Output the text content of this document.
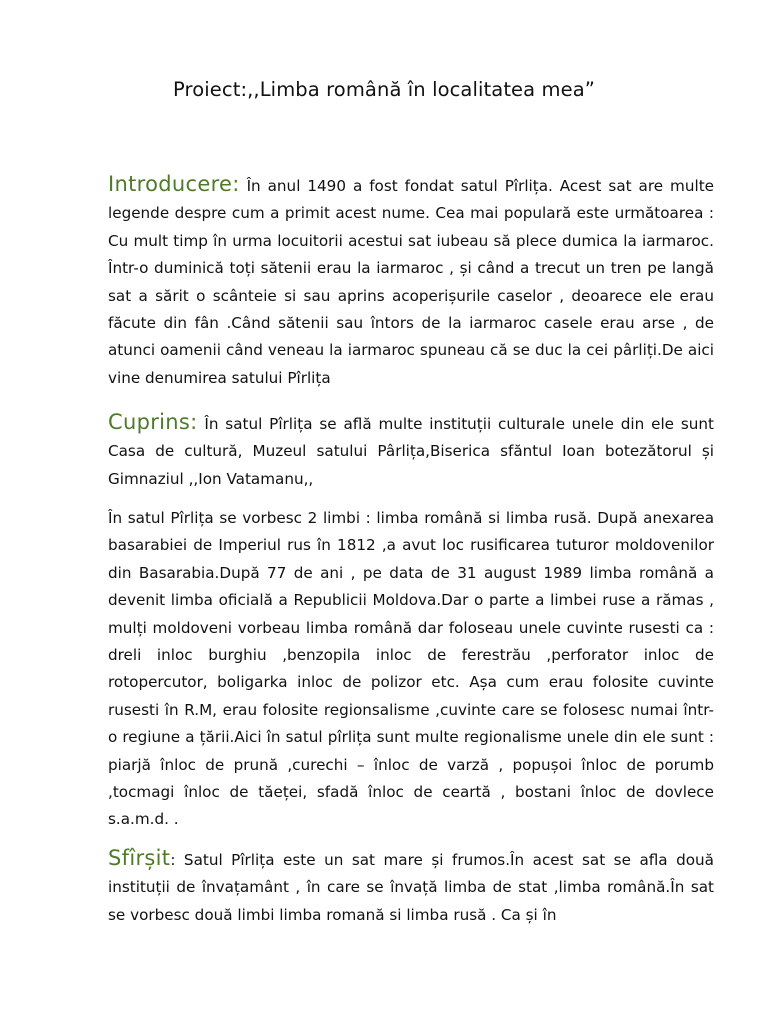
Proiect:,,Limba română în localitatea mea”

Introducere: În anul 1490 a fost fondat satul Pîrlița. Acest sat are multe legende despre cum a primit acest nume. Cea mai populară este următoarea : Cu mult timp în urma locuitorii acestui sat iubeau să plece dumica la iarmaroc. Într-o duminică toți sătenii erau la iarmaroc , și când a trecut un tren pe langă sat a sărit o scânteie si sau aprins acoperișurile caselor , deoarece ele erau făcute din fân .Când sătenii sau întors de la iarmaroc casele erau arse , de atunci oamenii când veneau la iarmaroc spuneau că se duc la cei pârliți.De aici vine denumirea satului Pîrlița

Cuprins: În satul Pîrlița se află multe instituții culturale unele din ele sunt Casa de cultură, Muzeul satului Pârlița,Biserica sfăntul Ioan botezătorul și Gimnaziul ,,Ion Vatamanu,,

În satul Pîrlița se vorbesc 2 limbi : limba română si limba rusă. După anexarea basarabiei de Imperiul rus în 1812 ,a avut loc rusificarea tuturor moldovenilor din Basarabia.După 77 de ani , pe data de 31 august 1989 limba română a devenit limba oficială a Republicii Moldova.Dar o parte a limbei ruse a rămas , mulți moldoveni vorbeau limba română dar foloseau unele cuvinte rusesti ca : dreli inloc burghiu ,benzopila inloc de ferestrău ,perforator inloc de rotopercutor, boligarka inloc de polizor etc. Așa cum erau folosite cuvinte rusesti în R.M, erau folosite regionsalisme ,cuvinte care se folosesc numai într-o regiune a țării.Aici în satul pîrlița sunt multe regionalisme unele din ele sunt : piarjă înloc de prună ,curechi – înloc de varză , popușoi înloc de porumb ,tocmagi înloc de tăeței, sfadă înloc de ceartă , bostani înloc de dovlece s.a.m.d. .

Sfîrșit: Satul Pîrlița este un sat mare și frumos.În acest sat se afla două instituții de învațamânt , în care se învață limba de stat ,limba română.În sat se vorbesc două limbi limba romană si limba rusă . Ca și în
